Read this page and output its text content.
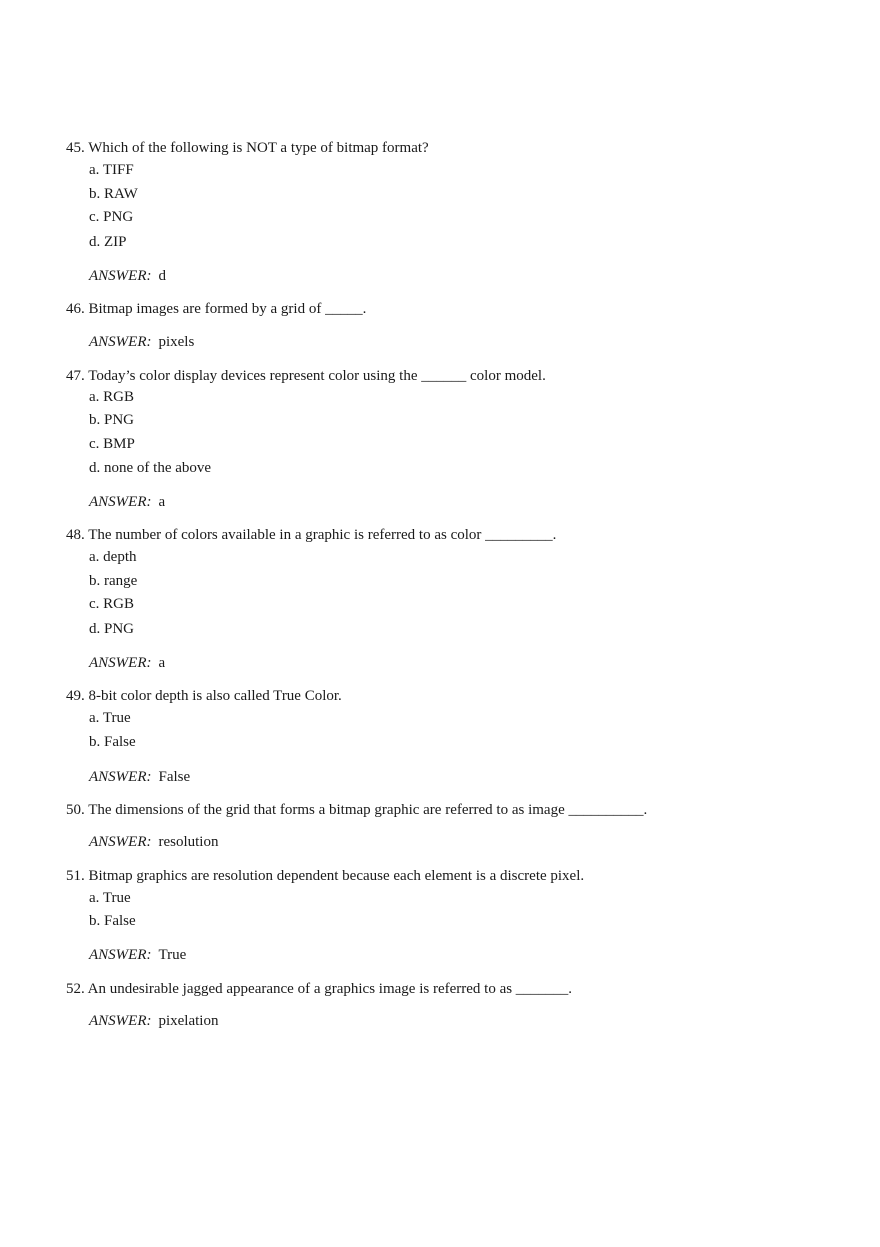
45. Which of the following is NOT a type of bitmap format?
a. TIFF
b. RAW
c. PNG
d. ZIP
ANSWER: d
46. Bitmap images are formed by a grid of _____.
ANSWER: pixels
47. Today’s color display devices represent color using the ______ color model.
a. RGB
b. PNG
c. BMP
d. none of the above
ANSWER: a
48. The number of colors available in a graphic is referred to as color _________.
a. depth
b. range
c. RGB
d. PNG
ANSWER: a
49. 8-bit color depth is also called True Color.
a. True
b. False
ANSWER: False
50. The dimensions of the grid that forms a bitmap graphic are referred to as image __________.
ANSWER: resolution
51. Bitmap graphics are resolution dependent because each element is a discrete pixel.
a. True
b. False
ANSWER: True
52. An undesirable jagged appearance of a graphics image is referred to as _______.
ANSWER: pixelation
